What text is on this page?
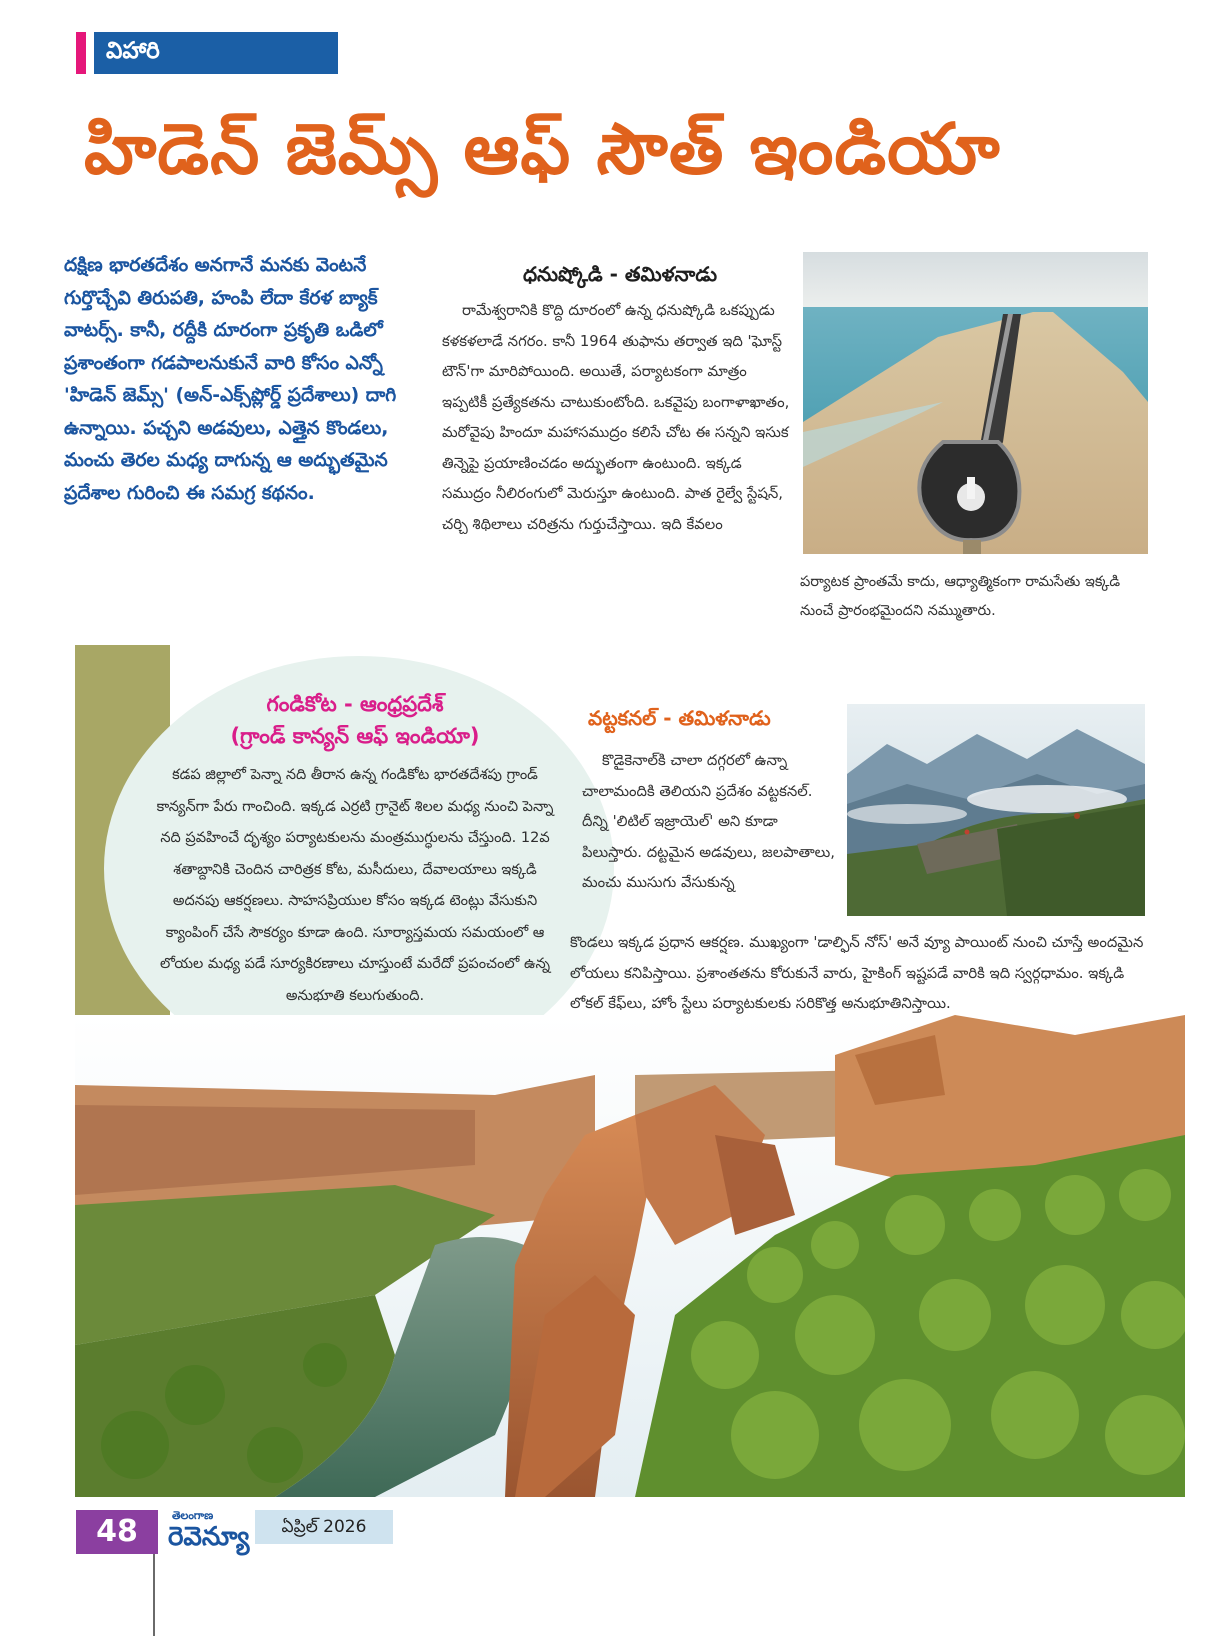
విహారి
హిడెన్ జెమ్స్ ఆఫ్ సౌత్ ఇండియా
దక్షిణ భారతదేశం అనగానే మనకు వెంటనే గుర్తొచ్చేవి తిరుపతి, హంపి లేదా కేరళ బ్యాక్ వాటర్స్. కానీ, రద్దీకి దూరంగా ప్రకృతి ఒడిలో ప్రశాంతంగా గడపాలనుకునే వారి కోసం ఎన్నో 'హిడెన్ జెమ్స్' (అన్-ఎక్స్‌ప్లోర్డ్ ప్రదేశాలు) దాగి ఉన్నాయి. పచ్చని అడవులు, ఎత్తైన కొండలు, మంచు తెరల మధ్య దాగున్న ఆ అద్భుతమైన ప్రదేశాల గురించి ఈ సమగ్ర కథనం.
ధనుష్కోడి - తమిళనాడు
రామేశ్వరానికి కొద్ది దూరంలో ఉన్న ధనుష్కోడి ఒకప్పుడు కళకళలాడే నగరం. కానీ 1964 తుఫాను తర్వాత ఇది 'ఘోస్ట్ టౌన్'గా మారిపోయింది. అయితే, పర్యాటకంగా మాత్రం ఇప్పటికీ ప్రత్యేకతను చాటుకుంటోంది. ఒకవైపు బంగాళాఖాతం, మరోవైపు హిందూ మహాసముద్రం కలిసే చోట ఈ సన్నని ఇసుక తిన్నెపై ప్రయాణించడం అద్భుతంగా ఉంటుంది. ఇక్కడ సముద్రం నీలిరంగులో మెరుస్తూ ఉంటుంది. పాత రైల్వే స్టేషన్, చర్చి శిథిలాలు చరిత్రను గుర్తుచేస్తాయి. ఇది కేవలం
పర్యాటక ప్రాంతమే కాదు, ఆధ్యాత్మికంగా రామసేతు ఇక్కడి నుంచే ప్రారంభమైందని నమ్ముతారు.
గండికోట - ఆంధ్రప్రదేశ్
(గ్రాండ్ కాన్యన్ ఆఫ్ ఇండియా)
కడప జిల్లాలో పెన్నా నది తీరాన ఉన్న గండికోట భారతదేశపు గ్రాండ్ కాన్యన్‌గా పేరు గాంచింది. ఇక్కడ ఎర్రటి గ్రానైట్ శిలల మధ్య నుంచి పెన్నా నది ప్రవహించే దృశ్యం పర్యాటకులను మంత్రముగ్ధులను చేస్తుంది. 12వ శతాబ్దానికి చెందిన చారిత్రక కోట, మసీదులు, దేవాలయాలు ఇక్కడి అదనపు ఆకర్షణలు. సాహసప్రియుల కోసం ఇక్కడ టెంట్లు వేసుకుని క్యాంపింగ్ చేసే సౌకర్యం కూడా ఉంది. సూర్యాస్తమయ సమయంలో ఆ లోయల మధ్య పడే సూర్యకిరణాలు చూస్తుంటే మరేదో ప్రపంచంలో ఉన్న అనుభూతి కలుగుతుంది.
వట్టకనల్ - తమిళనాడు
కొడైకెనాల్‌కి చాలా దగ్గరలో ఉన్నా చాలామందికి తెలియని ప్రదేశం వట్టకనల్. దీన్ని 'లిటిల్ ఇజ్రాయెల్' అని కూడా పిలుస్తారు. దట్టమైన అడవులు, జలపాతాలు, మంచు ముసుగు వేసుకున్న
కొండలు ఇక్కడ ప్రధాన ఆకర్షణ. ముఖ్యంగా 'డాల్ఫిన్ నోస్' అనే వ్యూ పాయింట్ నుంచి చూస్తే అందమైన లోయలు కనిపిస్తాయి. ప్రశాంతతను కోరుకునే వారు, హైకింగ్ ఇష్టపడే వారికి ఇది స్వర్గధామం. ఇక్కడి లోకల్ కేఫ్‌లు, హోం స్టేలు పర్యాటకులకు సరికొత్త అనుభూతినిస్తాయి.
48	తెలంగాణ
రెవెన్యూ	ఏప్రిల్ 2026
